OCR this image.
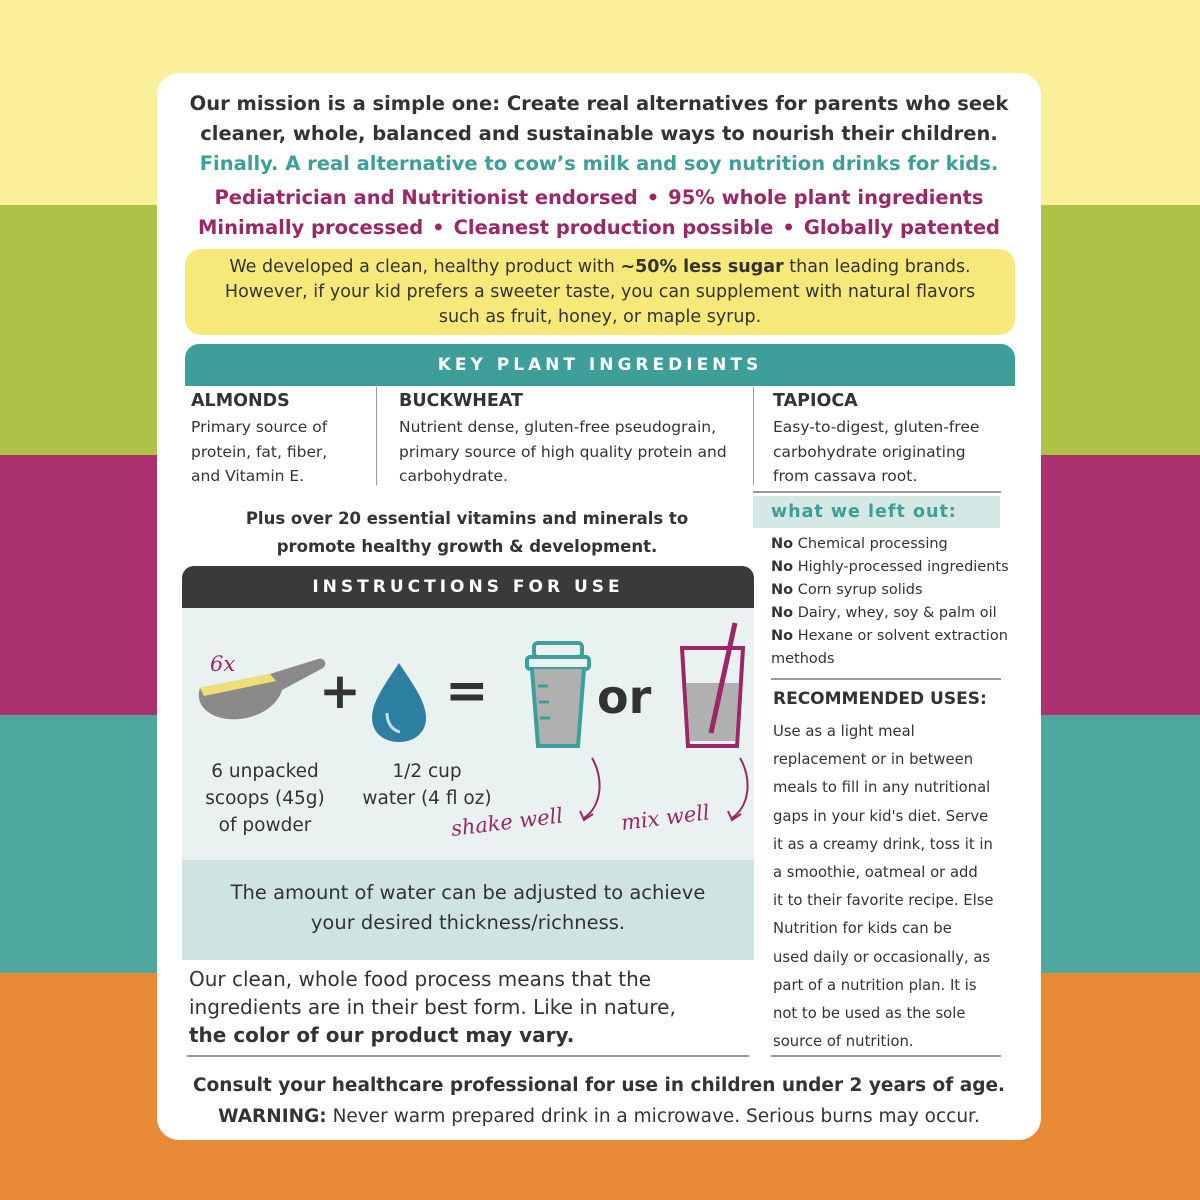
Our mission is a simple one: Create real alternatives for parents who seek
cleaner, whole, balanced and sustainable ways to nourish their children.
Finally. A real alternative to cow’s milk and soy nutrition drinks for kids.
Pediatrician and Nutritionist endorsed • 95% whole plant ingredients
Minimally processed • Cleanest production possible • Globally patented
We developed a clean, healthy product with ~50% less sugar than leading brands.
However, if your kid prefers a sweeter taste, you can supplement with natural flavors
such as fruit, honey, or maple syrup.
KEY PLANT INGREDIENTS
ALMONDS
Primary source of
protein, fat, fiber,
and Vitamin E.
BUCKWHEAT
Nutrient dense, gluten-free pseudograin,
primary source of high quality protein and
carbohydrate.
TAPIOCA
Easy-to-digest, gluten-free
carbohydrate originating
from cassava root.
Plus over 20 essential vitamins and minerals to
promote healthy growth & development.
what we left out:
No Chemical processing
No Highly-processed ingredients
No Corn syrup solids
No Dairy, whey, soy & palm oil
No Hexane or solvent extraction
methods
INSTRUCTIONS FOR USE
6x + = or
shake well	mix well
6 unpacked
scoops (45g)
of powder
1/2 cup
water (4 fl oz)
The amount of water can be adjusted to achieve
your desired thickness/richness.
RECOMMENDED USES:
Use as a light meal
replacement or in between
meals to fill in any nutritional
gaps in your kid's diet. Serve
it as a creamy drink, toss it in
a smoothie, oatmeal or add
it to their favorite recipe. Else
Nutrition for kids can be
used daily or occasionally, as
part of a nutrition plan. It is
not to be used as the sole
source of nutrition.
Our clean, whole food process means that the
ingredients are in their best form. Like in nature,
the color of our product may vary.
Consult your healthcare professional for use in children under 2 years of age.
WARNING: Never warm prepared drink in a microwave. Serious burns may occur.
